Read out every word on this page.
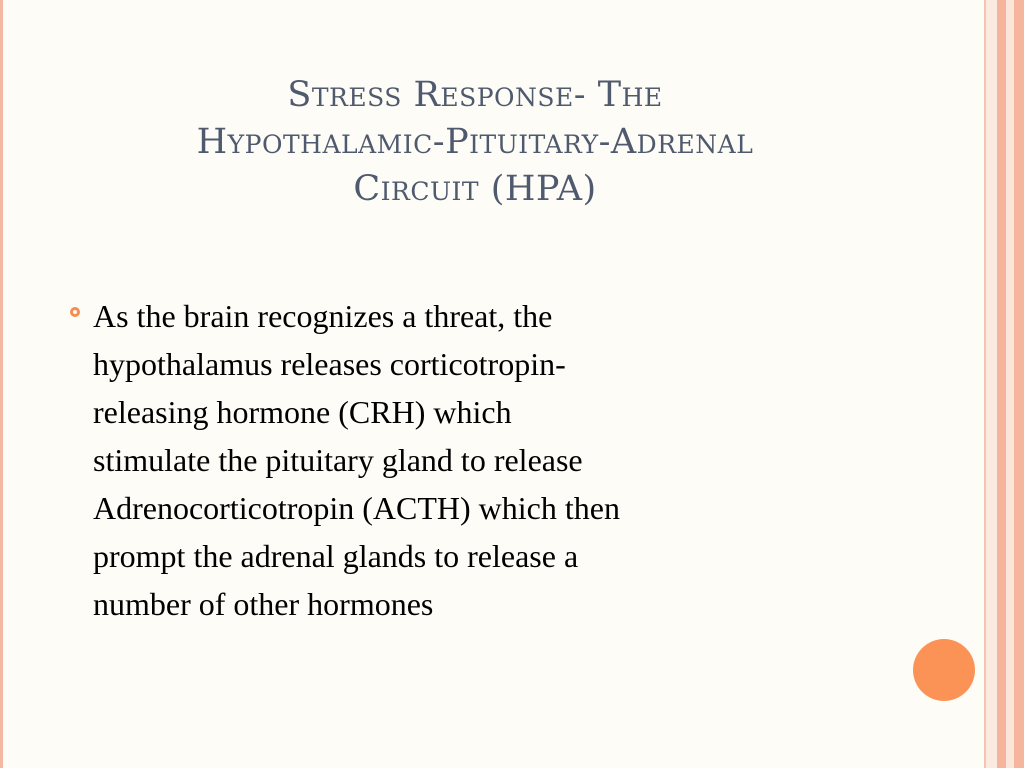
Stress Response- The
Hypothalamic-Pituitary-Adrenal
Circuit (HPA)
As the brain recognizes a threat, the
hypothalamus releases corticotropin-
releasing hormone (CRH) which
stimulate the pituitary gland to release
Adrenocorticotropin (ACTH) which then
prompt the adrenal glands to release a
number of other hormones
